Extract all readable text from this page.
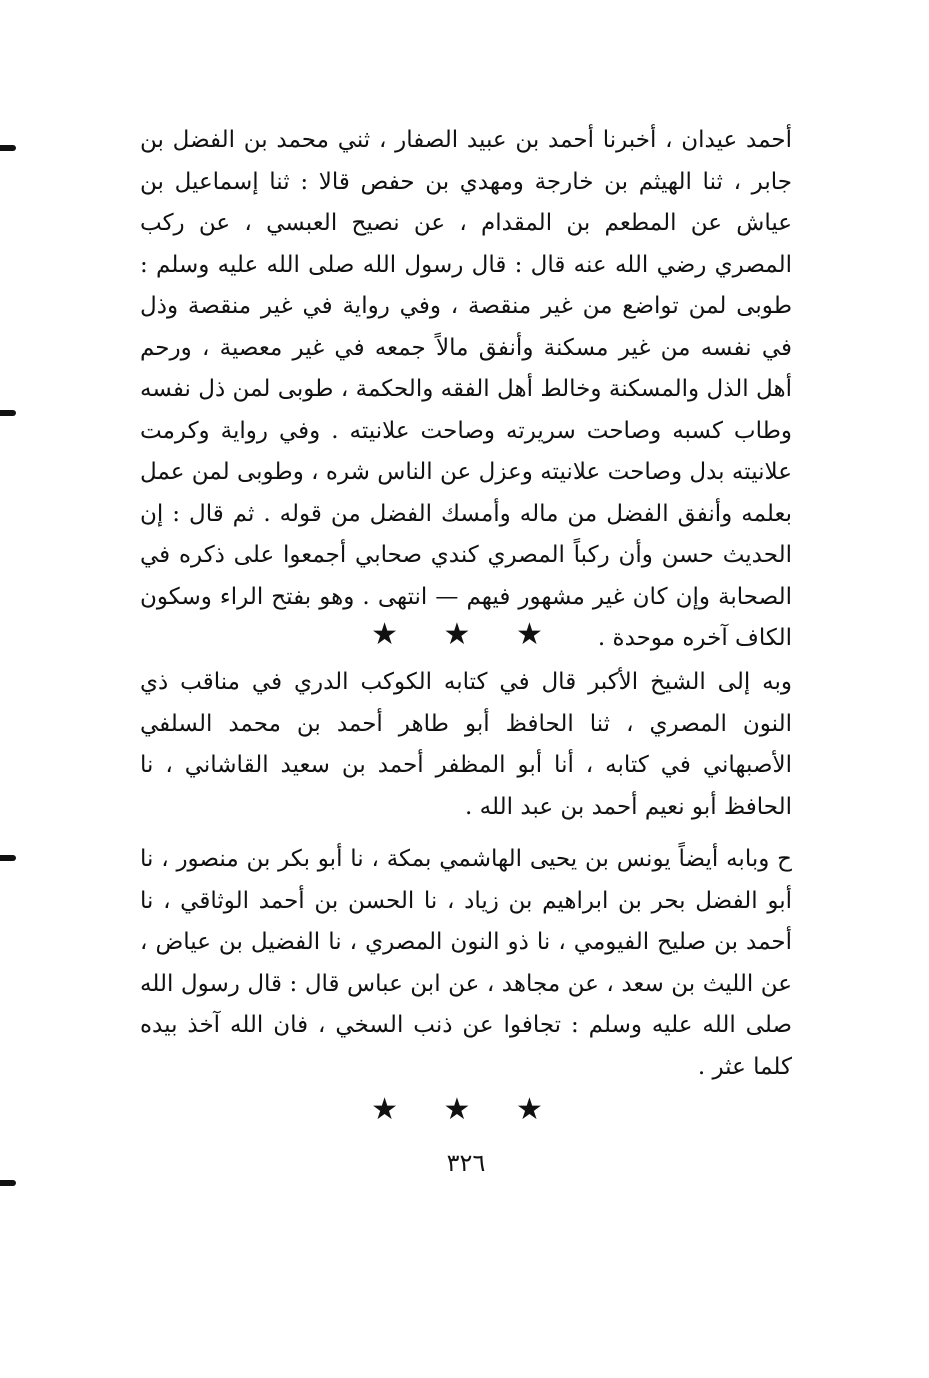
أحمد عيدان ، أخبرنا أحمد بن عبيد الصفار ، ثني محمد بن الفضل بن جابر ، ثنا الهيثم بن خارجة ومهدي بن حفص قالا : ثنا إسماعيل بن عياش عن المطعم بن المقدام ، عن نصيح العبسي ، عن ركب المصري رضي الله عنه قال : قال رسول الله صلى الله عليه وسلم : طوبى لمن تواضع من غير منقصة ، وفي رواية في غير منقصة وذل في نفسه من غير مسكنة وأنفق مالاً جمعه في غير معصية ، ورحم أهل الذل والمسكنة وخالط أهل الفقه والحكمة ، طوبى لمن ذل نفسه وطاب كسبه وصاحت سريرته وصاحت علانيته . وفي رواية وكرمت علانيته بدل وصاحت علانيته وعزل عن الناس شره ، وطوبى لمن عمل بعلمه وأنفق الفضل من ماله وأمسك الفضل من قوله . ثم قال : إن الحديث حسن وأن ركباً المصري كندي صحابي أجمعوا على ذكره في الصحابة وإن كان غير مشهور فيهم — انتهى . وهو بفتح الراء وسكون الكاف آخره موحدة .

★ ★ ★

وبه إلى الشيخ الأكبر قال في كتابه الكوكب الدري في مناقب ذي النون المصري ، ثنا الحافظ أبو طاهر أحمد بن محمد السلفي الأصبهاني في كتابه ، أنا أبو المظفر أحمد بن سعيد القاشاني ، نا الحافظ أبو نعيم أحمد بن عبد الله .

ح وبابه أيضاً يونس بن يحيى الهاشمي بمكة ، نا أبو بكر بن منصور ، نا أبو الفضل بحر بن ابراهيم بن زياد ، نا الحسن بن أحمد الوثاقي ، نا أحمد بن صليح الفيومي ، نا ذو النون المصري ، نا الفضيل بن عياض ، عن الليث بن سعد ، عن مجاهد ، عن ابن عباس قال : قال رسول الله صلى الله عليه وسلم : تجافوا عن ذنب السخي ، فان الله آخذ بيده كلما عثر .

★ ★ ★
٣٢٦
